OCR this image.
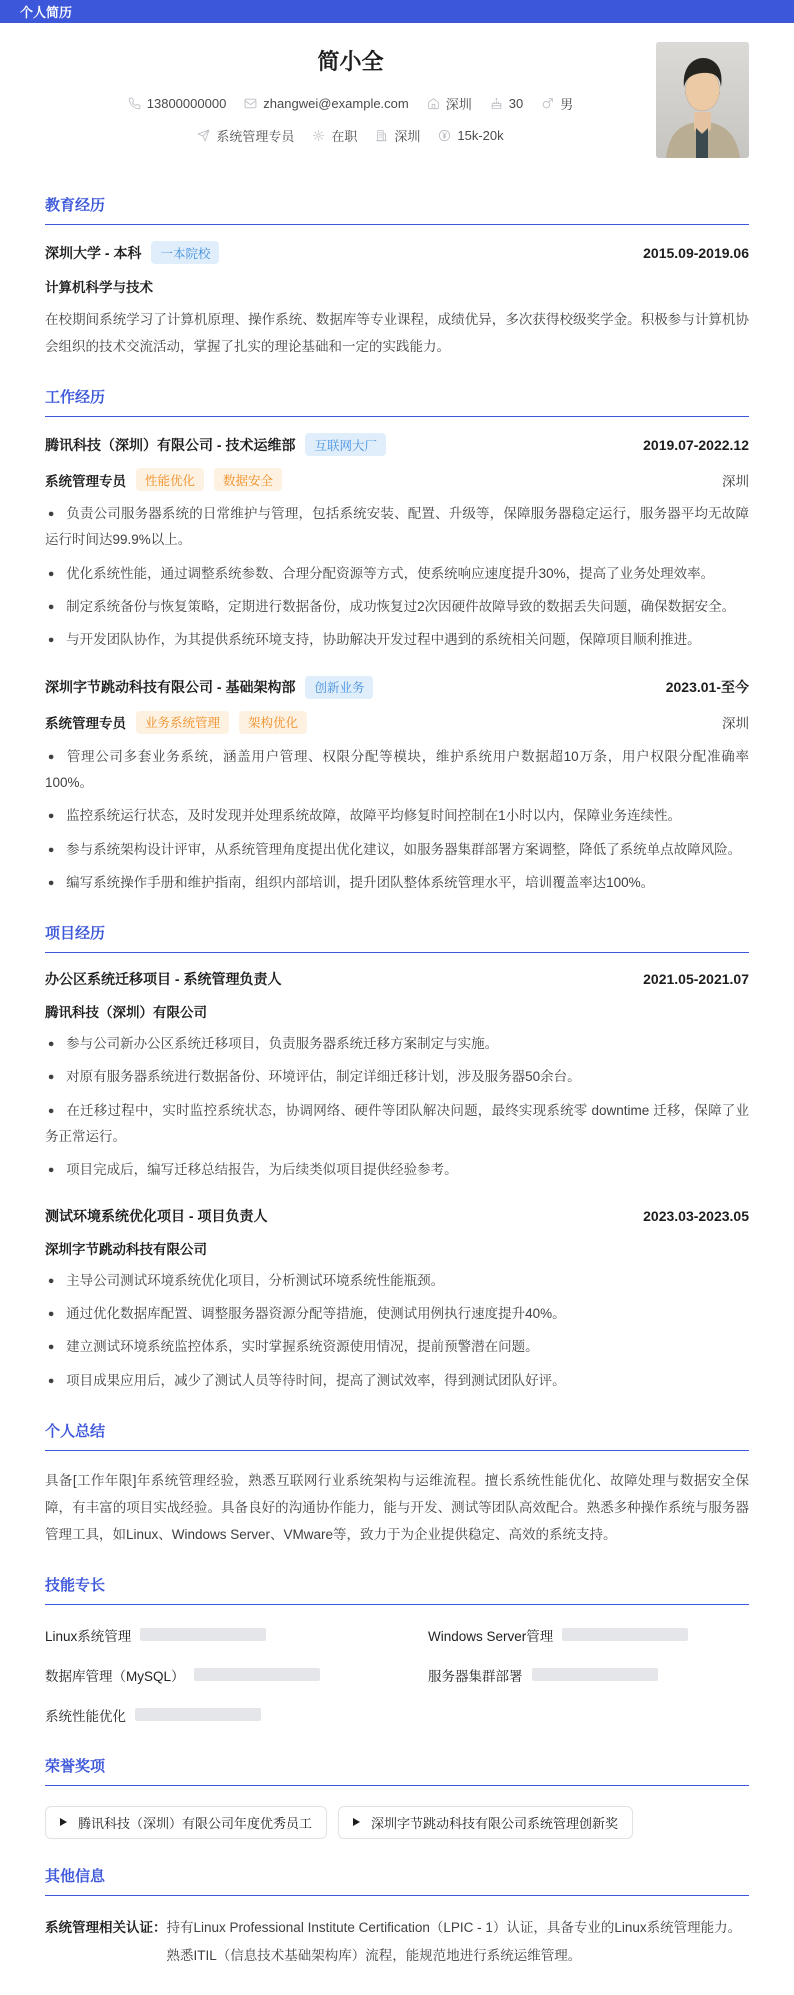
个人简历
简小全
13800000000	zhangwei@example.com	深圳	30	男
系统管理专员	在职	深圳	15k-20k
教育经历
深圳大学 - 本科	一本院校	2015.09-2019.06
计算机科学与技术

在校期间系统学习了计算机原理、操作系统、数据库等专业课程，成绩优异，多次获得校级奖学金。积极参与计算机协会组织的技术交流活动，掌握了扎实的理论基础和一定的实践能力。

工作经历
腾讯科技（深圳）有限公司 - 技术运维部	互联网大厂	2019.07-2022.12
系统管理专员	性能优化	数据安全	深圳

● 负责公司服务器系统的日常维护与管理，包括系统安装、配置、升级等，保障服务器稳定运行，服务器平均无故障运行时间达99.9%以上。

● 优化系统性能，通过调整系统参数、合理分配资源等方式，使系统响应速度提升30%，提高了业务处理效率。

● 制定系统备份与恢复策略，定期进行数据备份，成功恢复过2次因硬件故障导致的数据丢失问题，确保数据安全。

● 与开发团队协作，为其提供系统环境支持，协助解决开发过程中遇到的系统相关问题，保障项目顺利推进。

深圳字节跳动科技有限公司 - 基础架构部	创新业务	2023.01-至今
系统管理专员	业务系统管理	架构优化	深圳

● 管理公司多套业务系统，涵盖用户管理、权限分配等模块，维护系统用户数据超10万条，用户权限分配准确率100%。

● 监控系统运行状态，及时发现并处理系统故障，故障平均修复时间控制在1小时以内，保障业务连续性。

● 参与系统架构设计评审，从系统管理角度提出优化建议，如服务器集群部署方案调整，降低了系统单点故障风险。

● 编写系统操作手册和维护指南，组织内部培训，提升团队整体系统管理水平，培训覆盖率达100%。

项目经历
办公区系统迁移项目 - 系统管理负责人	2021.05-2021.07
腾讯科技（深圳）有限公司

● 参与公司新办公区系统迁移项目，负责服务器系统迁移方案制定与实施。

● 对原有服务器系统进行数据备份、环境评估，制定详细迁移计划，涉及服务器50余台。

● 在迁移过程中，实时监控系统状态，协调网络、硬件等团队解决问题，最终实现系统零 downtime 迁移，保障了业务正常运行。

● 项目完成后，编写迁移总结报告，为后续类似项目提供经验参考。

测试环境系统优化项目 - 项目负责人	2023.03-2023.05
深圳字节跳动科技有限公司

● 主导公司测试环境系统优化项目，分析测试环境系统性能瓶颈。

● 通过优化数据库配置、调整服务器资源分配等措施，使测试用例执行速度提升40%。

● 建立测试环境系统监控体系，实时掌握系统资源使用情况，提前预警潜在问题。

● 项目成果应用后，减少了测试人员等待时间，提高了测试效率，得到测试团队好评。

个人总结

具备[工作年限]年系统管理经验，熟悉互联网行业系统架构与运维流程。擅长系统性能优化、故障处理与数据安全保障，有丰富的项目实战经验。具备良好的沟通协作能力，能与开发、测试等团队高效配合。熟悉多种操作系统与服务器管理工具，如Linux、Windows Server、VMware等，致力于为企业提供稳定、高效的系统支持。

技能专长
Linux系统管理	Windows Server管理
数据库管理（MySQL）	服务器集群部署
系统性能优化
荣誉奖项
腾讯科技（深圳）有限公司年度优秀员工	深圳字节跳动科技有限公司系统管理创新奖
其他信息
系统管理相关认证： 持有Linux Professional Institute Certification（LPIC - 1）认证，具备专业的Linux系统管理能力。熟悉ITIL（信息技术基础架构库）流程，能规范地进行系统运维管理。
